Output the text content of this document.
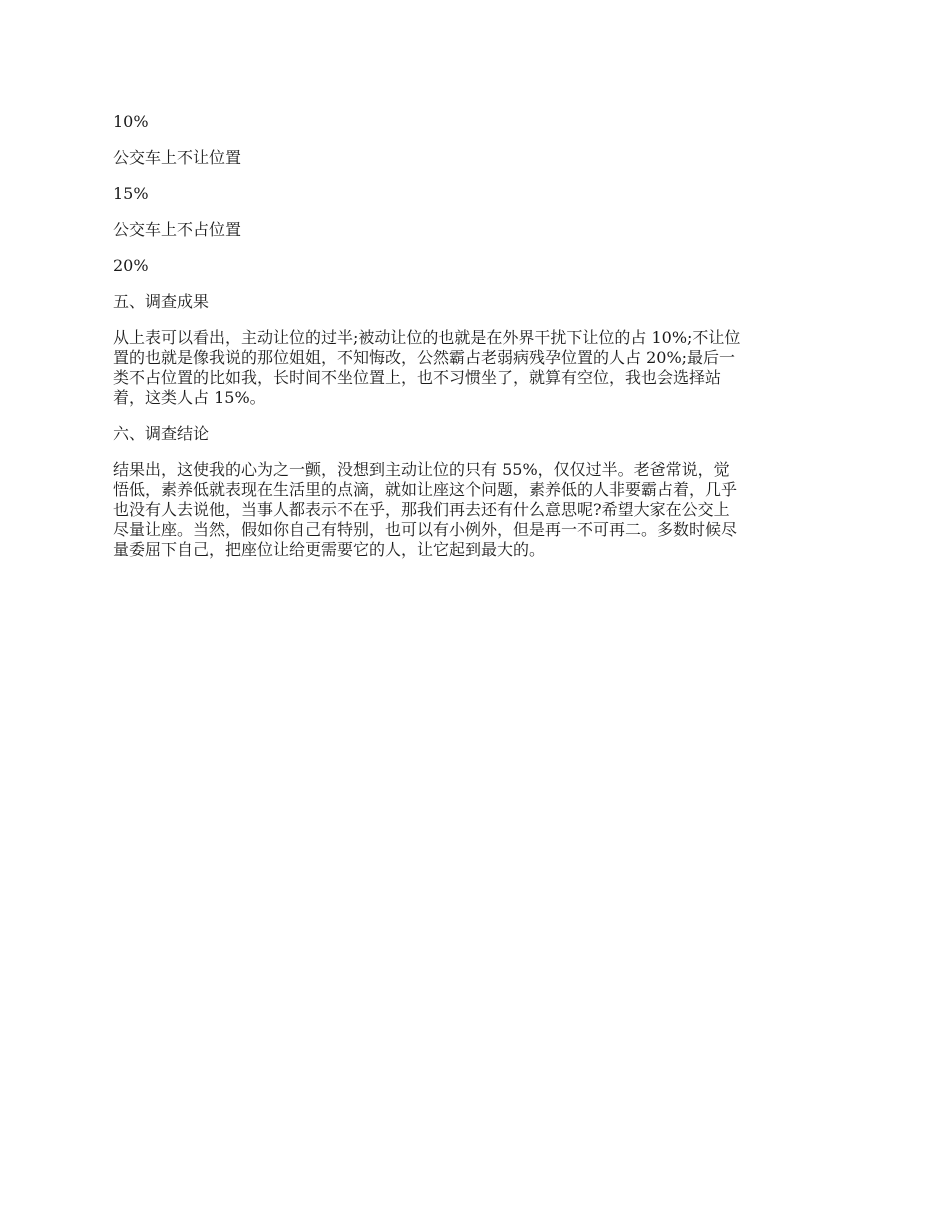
10%

公交车上不让位置

15%

公交车上不占位置

20%

五、调查成果

从上表可以看出，主动让位的过半;被动让位的也就是在外界干扰下让位的占 10%;不让位
置的也就是像我说的那位姐姐，不知悔改，公然霸占老弱病残孕位置的人占 20%;最后一
类不占位置的比如我，长时间不坐位置上，也不习惯坐了，就算有空位，我也会选择站
着，这类人占 15%。

六、调查结论

结果出，这使我的心为之一颤，没想到主动让位的只有 55%，仅仅过半。老爸常说，觉
悟低，素养低就表现在生活里的点滴，就如让座这个问题，素养低的人非要霸占着，几乎
也没有人去说他，当事人都表示不在乎，那我们再去还有什么意思呢?希望大家在公交上
尽量让座。当然，假如你自己有特别，也可以有小例外，但是再一不可再二。多数时候尽
量委屈下自己，把座位让给更需要它的人，让它起到最大的。
